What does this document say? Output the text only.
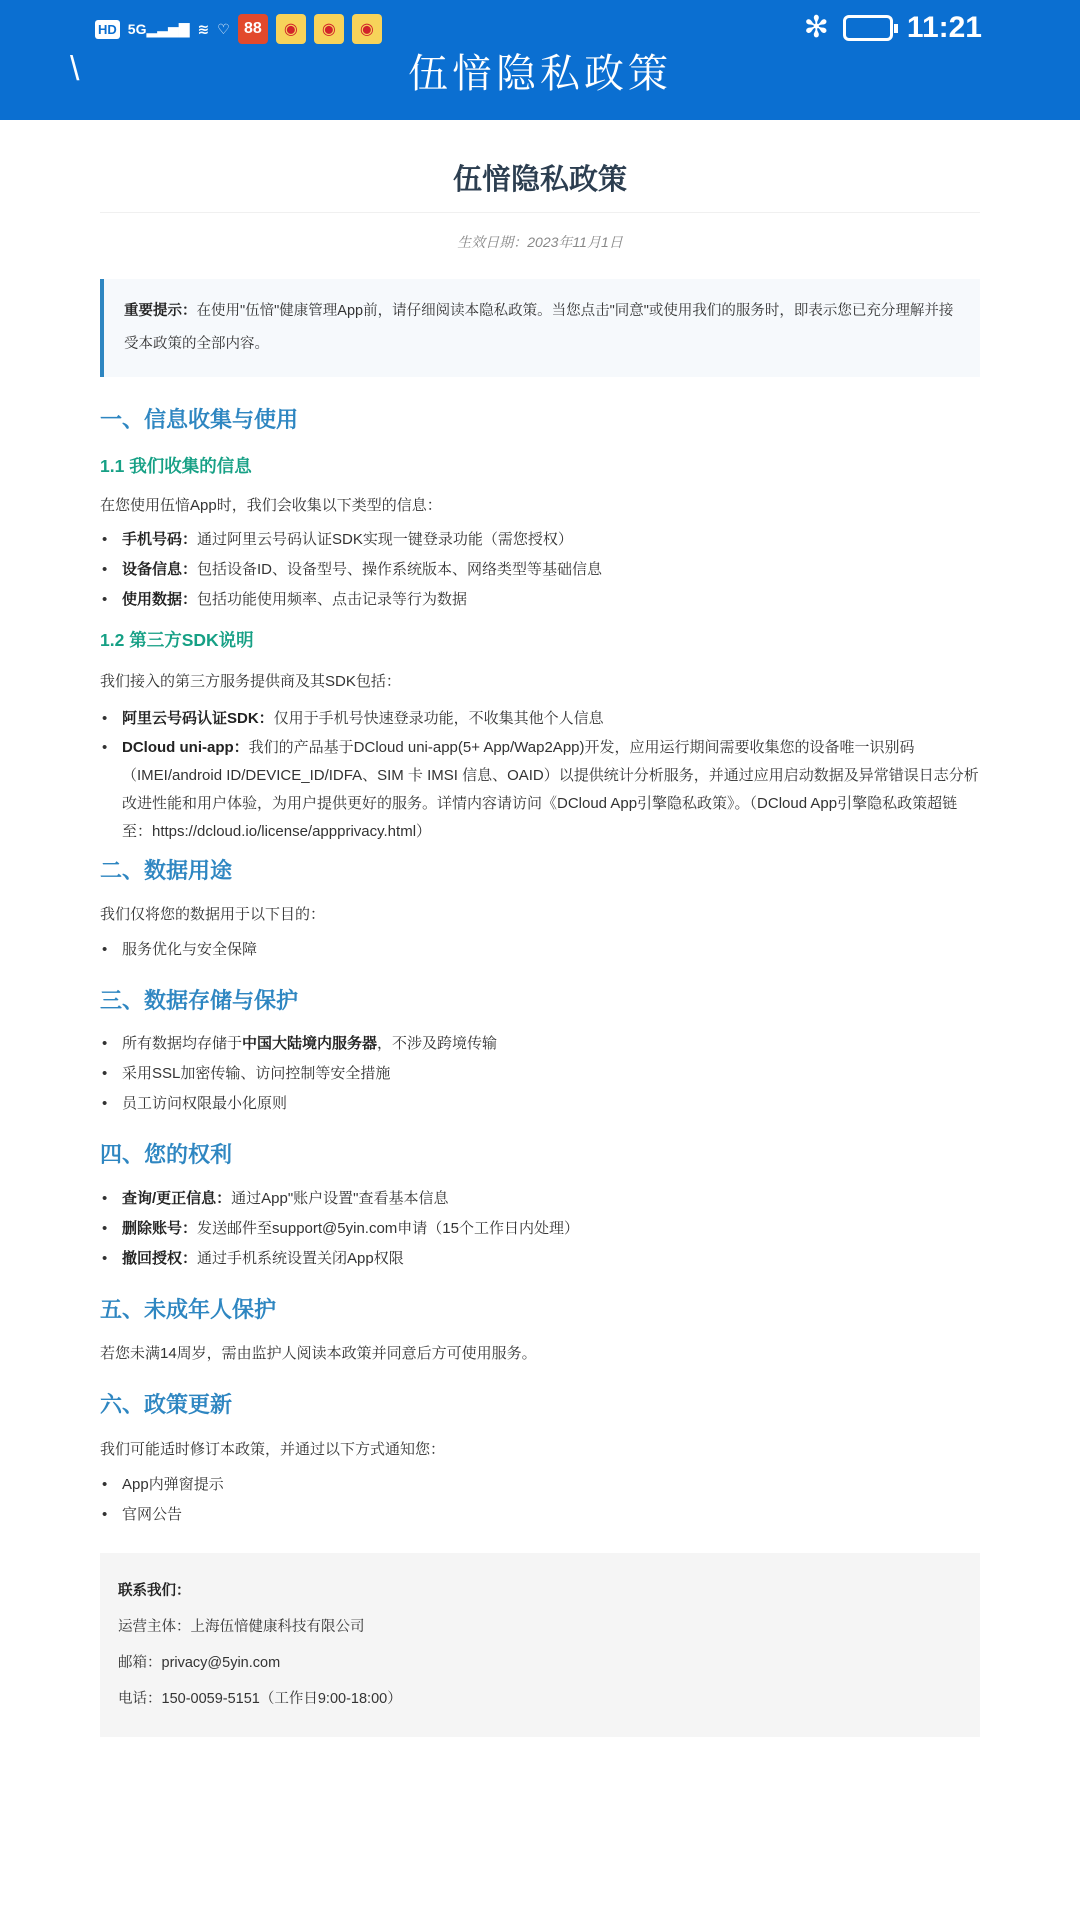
伍愔隐私政策
生效日期：2023年11月1日
重要提示：在使用"伍愔"健康管理App前，请仔细阅读本隐私政策。当您点击"同意"或使用我们的服务时，即表示您已充分理解并接受本政策的全部内容。
一、信息收集与使用
1.1 我们收集的信息
在您使用伍愔App时，我们会收集以下类型的信息：
• 手机号码：通过阿里云号码认证SDK实现一键登录功能（需您授权）
• 设备信息：包括设备ID、设备型号、操作系统版本、网络类型等基础信息
• 使用数据：包括功能使用频率、点击记录等行为数据
1.2 第三方SDK说明
我们接入的第三方服务提供商及其SDK包括：
• 阿里云号码认证SDK：仅用于手机号快速登录功能，不收集其他个人信息
• DCloud uni-app：我们的产品基于DCloud uni-app(5+ App/Wap2App)开发，应用运行期间需要收集您的设备唯一识别码（IMEI/android ID/DEVICE_ID/IDFA、SIM 卡 IMSI 信息、OAID）以提供统计分析服务，并通过应用启动数据及异常错误日志分析改进性能和用户体验，为用户提供更好的服务。详情内容请访问《DCloud App引擎隐私政策》。（DCloud App引擎隐私政策超链至：https://dcloud.io/license/appprivacy.html）
二、数据用途
我们仅将您的数据用于以下目的：
• 服务优化与安全保障
三、数据存储与保护
• 所有数据均存储于中国大陆境内服务器，不涉及跨境传输
• 采用SSL加密传输、访问控制等安全措施
• 员工访问权限最小化原则
四、您的权利
• 查询/更正信息：通过App"账户设置"查看基本信息
• 删除账号：发送邮件至support@5yin.com申请（15个工作日内处理）
• 撤回授权：通过手机系统设置关闭App权限
五、未成年人保护
若您未满14周岁，需由监护人阅读本政策并同意后方可使用服务。
六、政策更新
我们可能适时修订本政策，并通过以下方式通知您：
• App内弹窗提示
• 官网公告
联系我们：
运营主体：上海伍愔健康科技有限公司
邮箱：privacy@5yin.com
电话：150-0059-5151（工作日9:00-18:00）
HD 5G▂▃▅▇ ≋ ♡ 88	◉	◉	◉	✻	11:21
\	伍愔隐私政策
